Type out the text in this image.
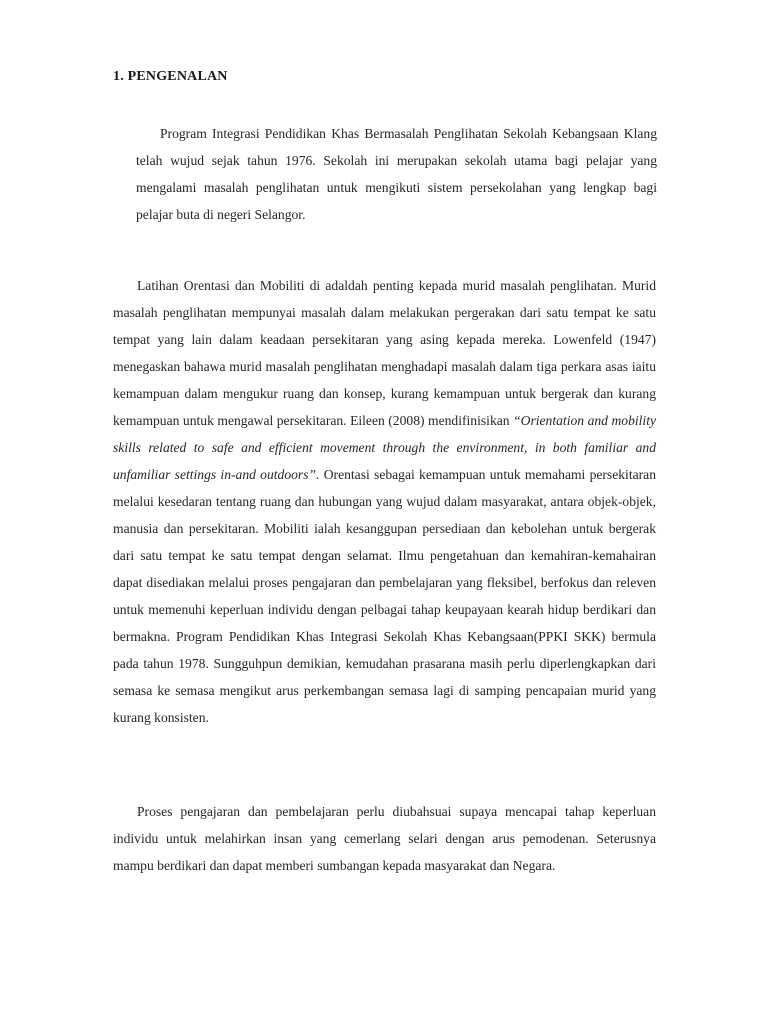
1. PENGENALAN

Program Integrasi Pendidikan Khas Bermasalah Penglihatan Sekolah Kebangsaan Klang telah wujud sejak tahun 1976. Sekolah ini merupakan sekolah utama bagi pelajar yang mengalami masalah penglihatan untuk mengikuti sistem persekolahan yang lengkap bagi pelajar buta di negeri Selangor.

Latihan Orentasi dan Mobiliti di adaldah penting kepada murid masalah penglihatan. Murid masalah penglihatan mempunyai masalah dalam melakukan pergerakan dari satu tempat ke satu tempat yang lain dalam keadaan persekitaran yang asing kepada mereka. Lowenfeld (1947) menegaskan bahawa murid masalah penglihatan menghadapi masalah dalam tiga perkara asas iaitu kemampuan dalam mengukur ruang dan konsep, kurang kemampuan untuk bergerak dan kurang kemampuan untuk mengawal persekitaran. Eileen (2008) mendifinisikan “Orientation and mobility skills related to safe and efficient movement through the environment, in both familiar and unfamiliar settings in-and outdoors”. Orentasi sebagai kemampuan untuk memahami persekitaran melalui kesedaran tentang ruang dan hubungan yang wujud dalam masyarakat, antara objek-objek, manusia dan persekitaran. Mobiliti ialah kesanggupan persediaan dan kebolehan untuk bergerak dari satu tempat ke satu tempat dengan selamat. Ilmu pengetahuan dan kemahiran-kemahairan dapat disediakan melalui proses pengajaran dan pembelajaran yang fleksibel, berfokus dan releven untuk memenuhi keperluan individu dengan pelbagai tahap keupayaan kearah hidup berdikari dan bermakna. Program Pendidikan Khas Integrasi Sekolah Khas Kebangsaan(PPKI SKK) bermula pada tahun 1978. Sungguhpun demikian, kemudahan prasarana masih perlu diperlengkapkan dari semasa ke semasa mengikut arus perkembangan semasa lagi di samping pencapaian murid yang kurang konsisten.

Proses pengajaran dan pembelajaran perlu diubahsuai supaya mencapai tahap keperluan individu untuk melahirkan insan yang cemerlang selari dengan arus pemodenan. Seterusnya mampu berdikari dan dapat memberi sumbangan kepada masyarakat dan Negara.
